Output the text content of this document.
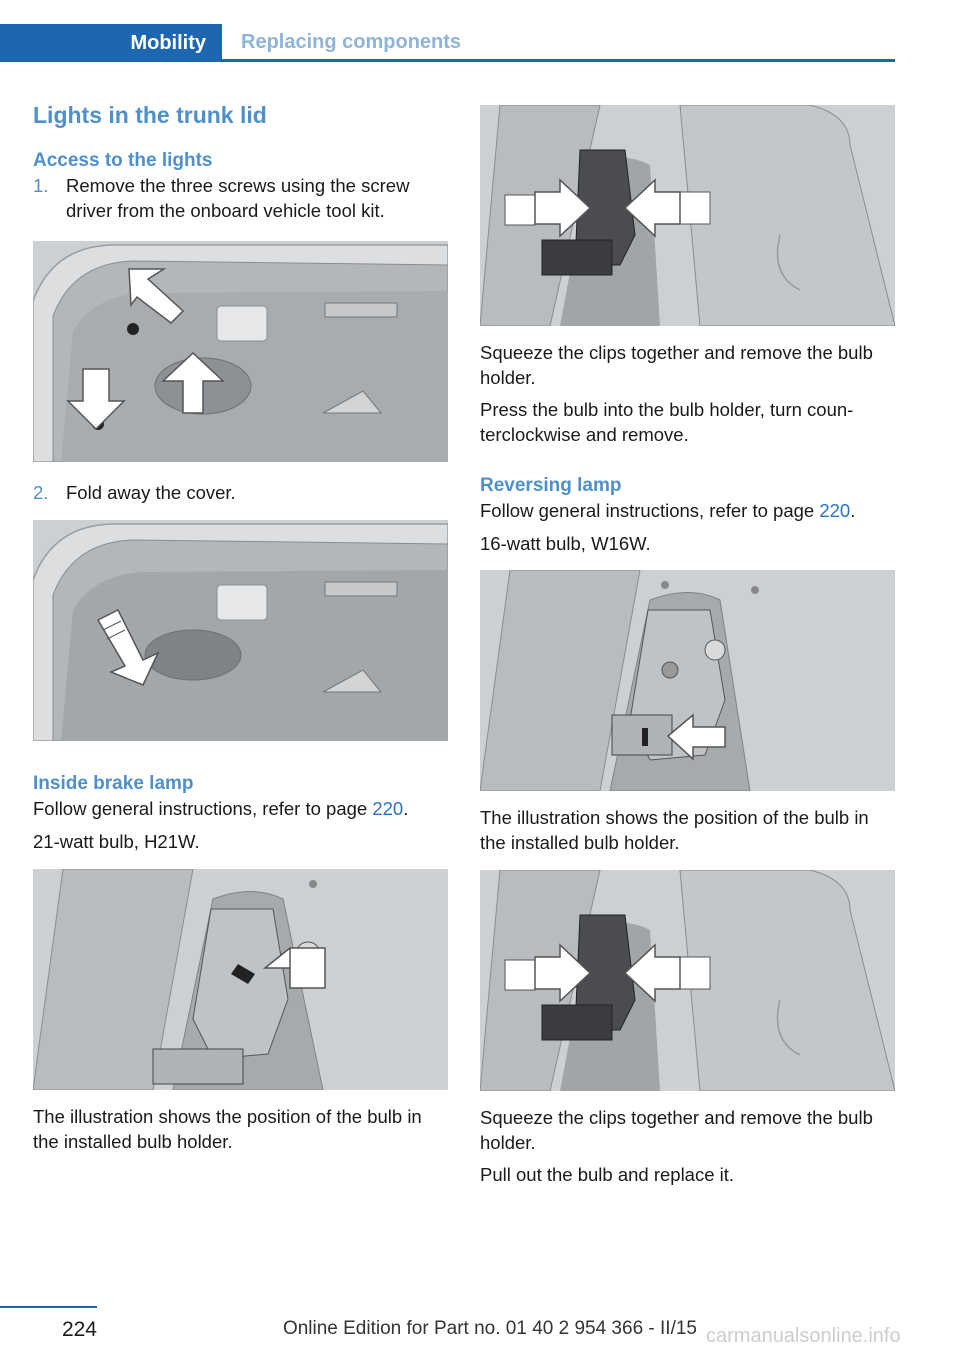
Mobility	Replacing components
Lights in the trunk lid
Access to the lights
1. Remove the three screws using the screw driver from the onboard vehicle tool kit.

2. Fold away the cover.

Inside brake lamp

Follow general instructions, refer to page 220.

21-watt bulb, H21W.

The illustration shows the position of the bulb in the installed bulb holder.

Squeeze the clips together and remove the bulb holder.

Press the bulb into the bulb holder, turn coun-terclockwise and remove.

Reversing lamp

Follow general instructions, refer to page 220.

16-watt bulb, W16W.

The illustration shows the position of the bulb in the installed bulb holder.

Squeeze the clips together and remove the bulb holder.

Pull out the bulb and replace it.

224	Online Edition for Part no. 01 40 2 954 366 - II/15 carmanualsonline.info
